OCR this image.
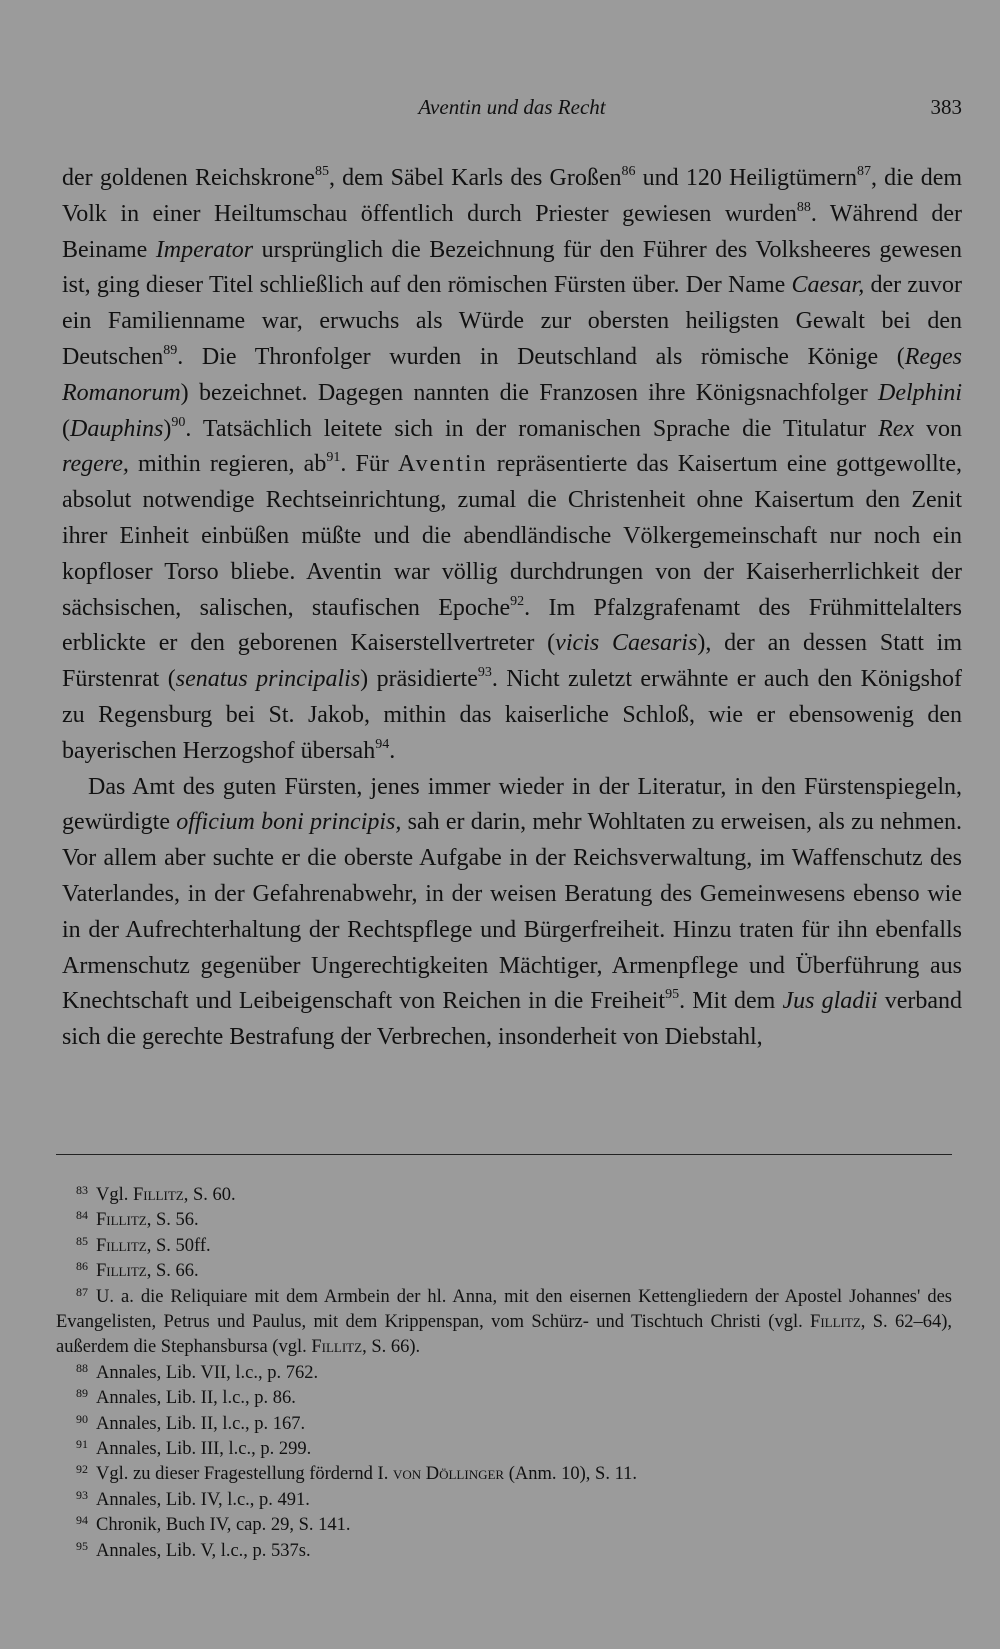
Aventin und das Recht	383

der goldenen Reichskrone$^{85}$, dem Säbel Karls des Großen$^{86}$ und 120 Heiligtümern$^{87}$, die dem Volk in einer Heiltumschau öffentlich durch Priester gewiesen wurden$^{88}$. Während der Beiname Imperator ursprünglich die Bezeichnung für den Führer des Volksheeres gewesen ist, ging dieser Titel schließlich auf den römischen Fürsten über. Der Name Caesar, der zuvor ein Familienname war, erwuchs als Würde zur obersten heiligsten Gewalt bei den Deutschen$^{89}$. Die Thronfolger wurden in Deutschland als römische Könige (Reges Romanorum) bezeichnet. Dagegen nannten die Franzosen ihre Königsnachfolger Delphini (Dauphins)$^{90}$. Tatsächlich leitete sich in der romanischen Sprache die Titulatur Rex von regere, mithin regieren, $ab^{91}$. Für Aventin repräsentierte das Kaisertum eine gottgewollte, absolut notwendige Rechtseinrichtung, zumal die Christenheit ohne Kaisertum den Zenit ihrer Einheit einbüßen müßte und die abendländische Völkergemeinschaft nur noch ein kopfloser Torso bliebe. Aventin war völlig durchdrungen von der Kaiserherrlichkeit der sächsischen, salischen, staufischen Epoche$^{92}$. Im Pfalzgrafenamt des Frühmittelalters erblickte er den geborenen Kaiserstellvertreter (vicis Caesaris), der an dessen Statt im Fürstenrat (senatus principalis) präsidierte$^{93}$. Nicht zuletzt erwähnte er auch den Königshof zu Regensburg bei St. Jakob, mithin das kaiserliche Schloß, wie er ebensowenig den bayerischen Herzogshof übersah$^{94}$.

Das Amt des guten Fürsten, jenes immer wieder in der Literatur, in den Fürstenspiegeln, gewürdigte officium boni principis, sah er darin, mehr Wohltaten zu erweisen, als zu nehmen. Vor allem aber suchte er die oberste Aufgabe in der Reichsverwaltung, im Waffenschutz des Vaterlandes, in der Gefahrenabwehr, in der weisen Beratung des Gemeinwesens ebenso wie in der Aufrechterhaltung der Rechtspflege und Bürgerfreiheit. Hinzu traten für ihn ebenfalls Armenschutz gegenüber Ungerechtigkeiten Mächtiger, Armenpflege und Überführung aus Knechtschaft und Leibeigenschaft von Reichen in die Freiheit$^{95}$. Mit dem Jus gladii verband sich die gerechte Bestrafung der Verbrechen, insonderheit von Diebstahl,

$^{83}$ Vgl. Fillitz, S. 60.

$^{84}$ Fillitz, S. 56.

$^{85}$ Fillitz, S. 50ff.

$^{86}$ Fillitz, S. 66.

$^{87}$ U. a. die Reliquiare mit dem Armbein der hl. Anna, mit den eisernen Kettengliedern der Apostel Johannes' des Evangelisten, Petrus und Paulus, mit dem Krippenspan, vom Schürz- und Tischtuch Christi (vgl. Fillitz, S. 62–64), außerdem die Stephansbursa (vgl. Fillitz, S. 66).

$^{88}$ Annales, Lib. VII, l.c., p. 762.

$^{89}$ Annales, Lib. II, l.c., p. 86.

$^{90}$ Annales, Lib. II, l.c., p. 167.

$^{91}$ Annales, Lib. III, l.c., p. 299.

$^{92}$ Vgl. zu dieser Fragestellung fördernd I. von Döllinger (Anm. 10), S. 11.

$^{93}$ Annales, Lib. IV, l.c., p. 491.

$^{94}$ Chronik, Buch IV, cap. 29, S. 141.

$^{95}$ Annales, Lib. V, l.c., p. 537s.
